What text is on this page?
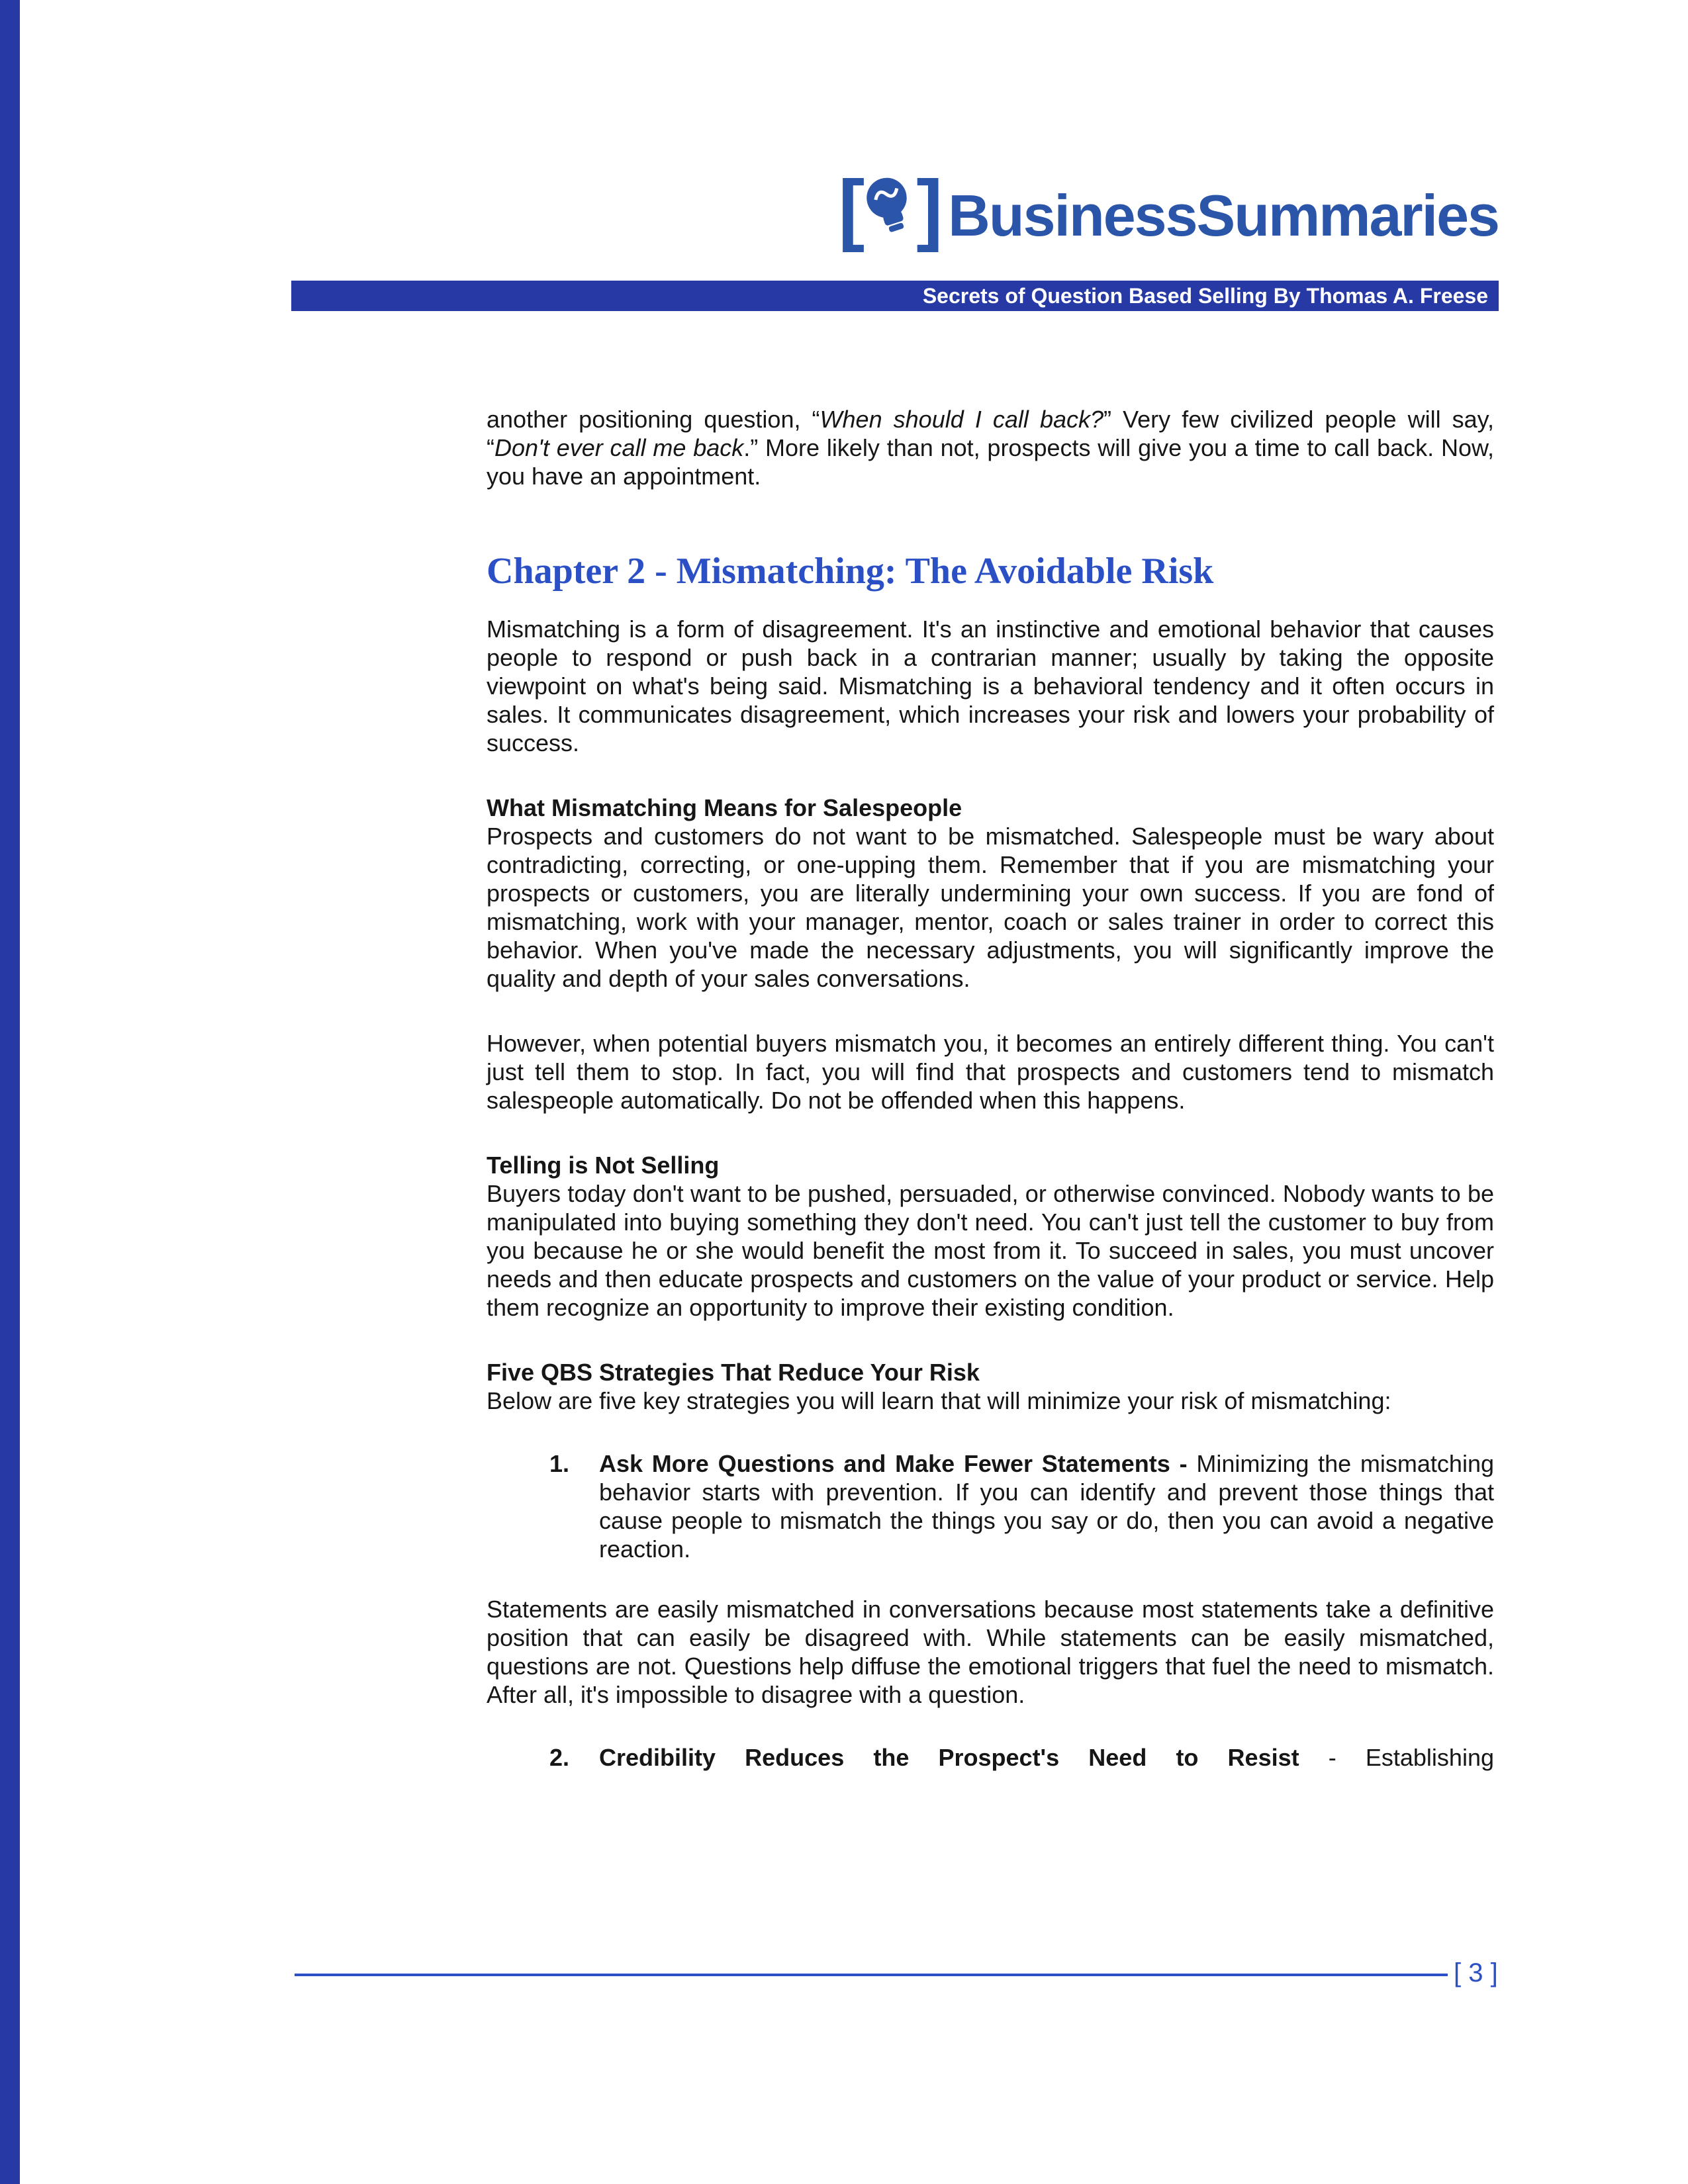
[ ] BusinessSummaries
Secrets of Question Based Selling By Thomas A. Freese

another positioning question, “When should I call back?” Very few civilized people will say, “Don't ever call me back.” More likely than not, prospects will give you a time to call back. Now, you have an appointment.

Chapter 2 - Mismatching: The Avoidable Risk

Mismatching is a form of disagreement. It's an instinctive and emotional behavior that causes people to respond or push back in a contrarian manner; usually by taking the opposite viewpoint on what's being said. Mismatching is a behavioral tendency and it often occurs in sales. It communicates disagreement, which increases your risk and lowers your probability of success.

What Mismatching Means for Salespeople

Prospects and customers do not want to be mismatched. Salespeople must be wary about contradicting, correcting, or one-upping them. Remember that if you are mismatching your prospects or customers, you are literally undermining your own success. If you are fond of mismatching, work with your manager, mentor, coach or sales trainer in order to correct this behavior. When you've made the necessary adjustments, you will significantly improve the quality and depth of your sales conversations.

However, when potential buyers mismatch you, it becomes an entirely different thing. You can't just tell them to stop. In fact, you will find that prospects and customers tend to mismatch salespeople automatically. Do not be offended when this happens.

Telling is Not Selling

Buyers today don't want to be pushed, persuaded, or otherwise convinced. Nobody wants to be manipulated into buying something they don't need. You can't just tell the customer to buy from you because he or she would benefit the most from it. To succeed in sales, you must uncover needs and then educate prospects and customers on the value of your product or service. Help them recognize an opportunity to improve their existing condition.

Five QBS Strategies That Reduce Your Risk

Below are five key strategies you will learn that will minimize your risk of mismatching:

1.	Ask More Questions and Make Fewer Statements - Minimizing the mismatching behavior starts with prevention. If you can identify and prevent those things that cause people to mismatch the things you say or do, then you can avoid a negative reaction.

Statements are easily mismatched in conversations because most statements take a definitive position that can easily be disagreed with. While statements can be easily mismatched, questions are not. Questions help diffuse the emotional triggers that fuel the need to mismatch. After all, it's impossible to disagree with a question.

2.	Credibility Reduces the Prospect's Need to Resist - Establishing

[ 3 ]
